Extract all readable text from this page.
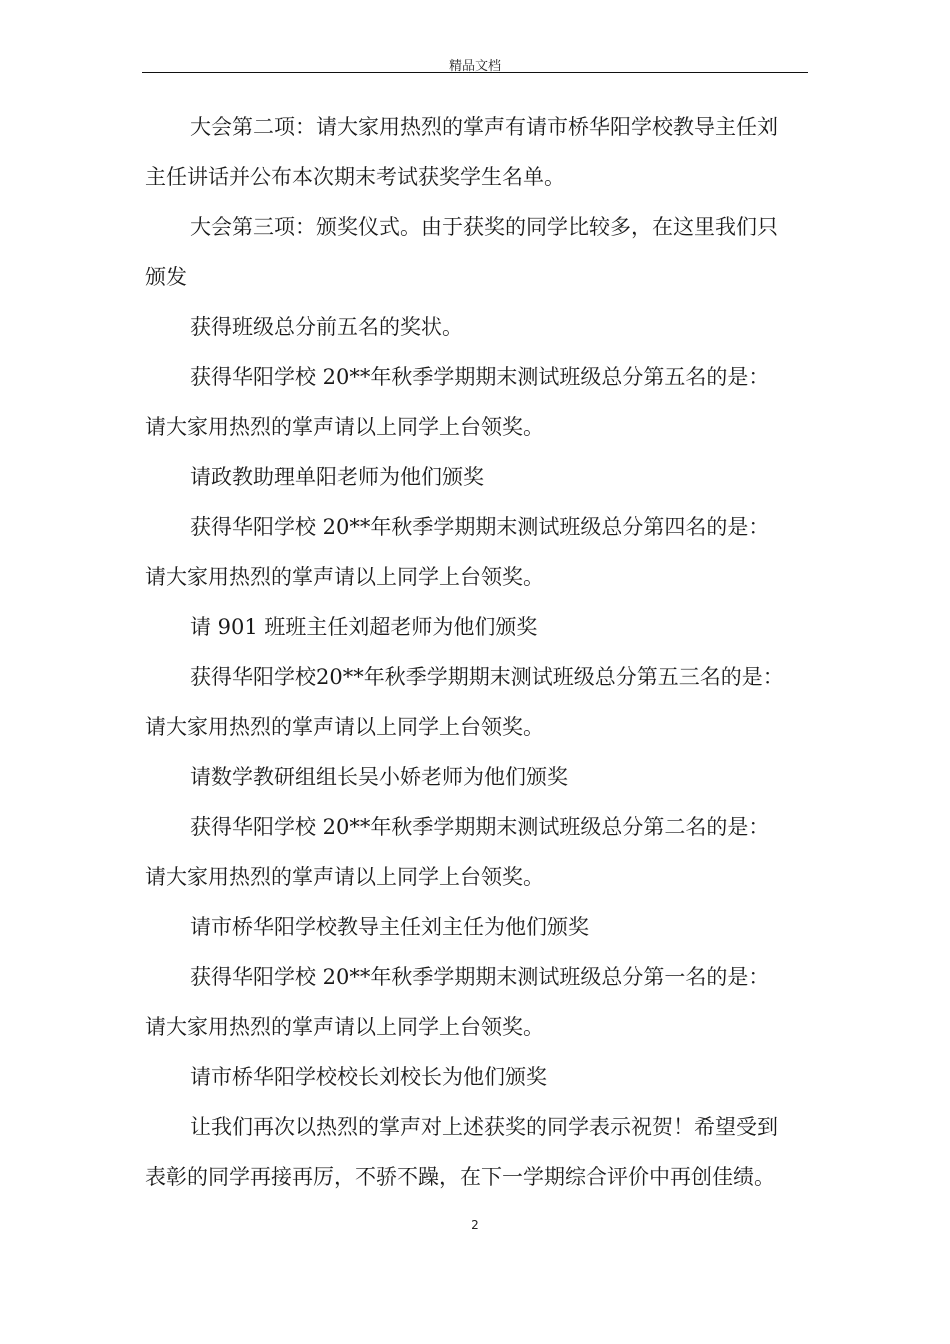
精品文档
大会第二项：请大家用热烈的掌声有请市桥华阳学校教导主任刘
主任讲话并公布本次期末考试获奖学生名单。
大会第三项：颁奖仪式。由于获奖的同学比较多，在这里我们只
颁发
获得班级总分前五名的奖状。
获得华阳学校 20**年秋季学期期末测试班级总分第五名的是：
请大家用热烈的掌声请以上同学上台领奖。
请政教助理单阳老师为他们颁奖
获得华阳学校 20**年秋季学期期末测试班级总分第四名的是：
请大家用热烈的掌声请以上同学上台领奖。
请 901 班班主任刘超老师为他们颁奖
获得华阳学校20**年秋季学期期末测试班级总分第五三名的是：
请大家用热烈的掌声请以上同学上台领奖。
请数学教研组组长吴小娇老师为他们颁奖
获得华阳学校 20**年秋季学期期末测试班级总分第二名的是：
请大家用热烈的掌声请以上同学上台领奖。
请市桥华阳学校教导主任刘主任为他们颁奖
获得华阳学校 20**年秋季学期期末测试班级总分第一名的是：
请大家用热烈的掌声请以上同学上台领奖。
请市桥华阳学校校长刘校长为他们颁奖
让我们再次以热烈的掌声对上述获奖的同学表示祝贺！希望受到
表彰的同学再接再厉，不骄不躁，在下一学期综合评价中再创佳绩。
2
